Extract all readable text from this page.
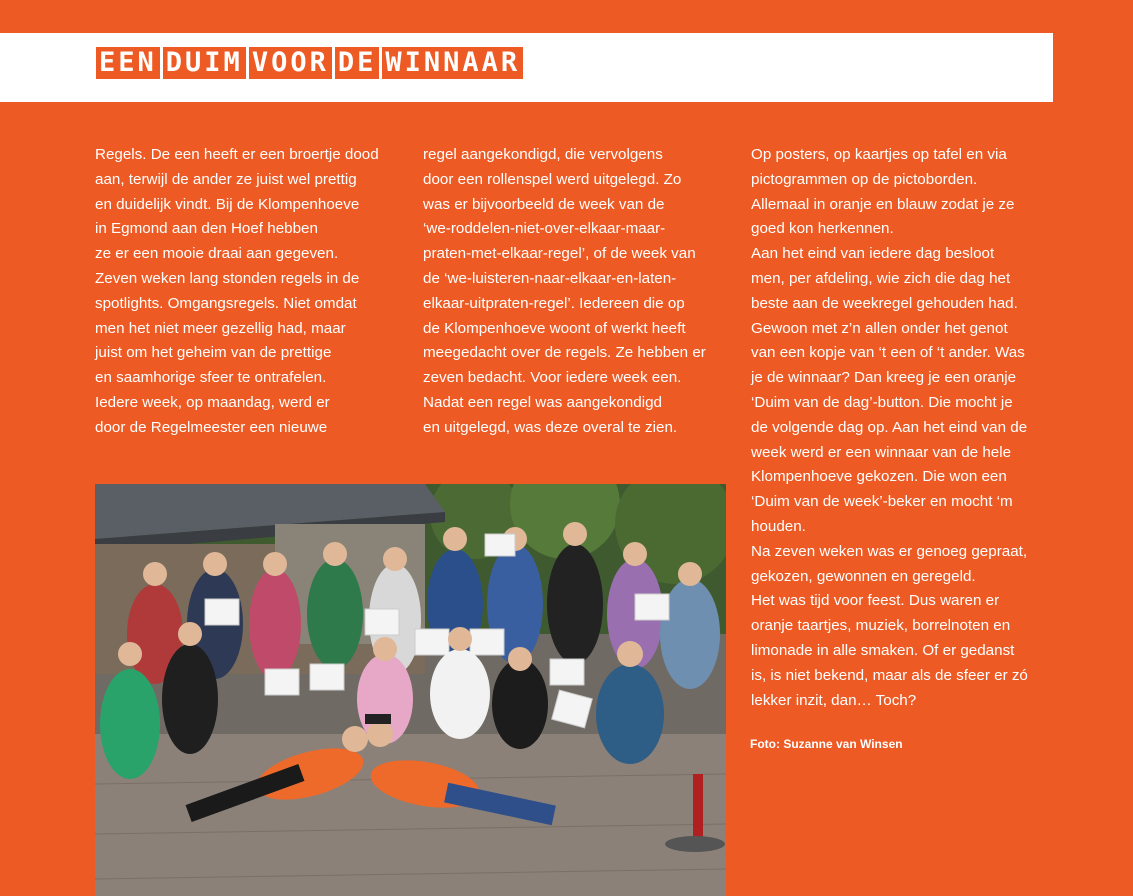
EEN DUIM VOOR DE WINNAAR
Regels. De een heeft er een broertje dood
aan, terwijl de ander ze juist wel prettig
en duidelijk vindt. Bij de Klompenhoeve
in Egmond aan den Hoef hebben
ze er een mooie draai aan gegeven.
Zeven weken lang stonden regels in de
spotlights. Omgangsregels. Niet omdat
men het niet meer gezellig had, maar
juist om het geheim van de prettige
en saamhorige sfeer te ontrafelen.
Iedere week, op maandag, werd er
door de Regelmeester een nieuwe
regel aangekondigd, die vervolgens
door een rollenspel werd uitgelegd. Zo
was er bijvoorbeeld de week van de
‘we-roddelen-niet-over-elkaar-maar-
praten-met-elkaar-regel’, of de week van
de ‘we-luisteren-naar-elkaar-en-laten-
elkaar-uitpraten-regel’. Iedereen die op
de Klompenhoeve woont of werkt heeft
meegedacht over de regels. Ze hebben er
zeven bedacht. Voor iedere week een.
Nadat een regel was aangekondigd
en uitgelegd, was deze overal te zien.
Op posters, op kaartjes op tafel en via
pictogrammen op de pictoborden.
Allemaal in oranje en blauw zodat je ze
goed kon herkennen.
Aan het eind van iedere dag besloot
men, per afdeling, wie zich die dag het
beste aan de weekregel gehouden had.
Gewoon met z’n allen onder het genot
van een kopje van ‘t een of ‘t ander. Was
je de winnaar? Dan kreeg je een oranje
‘Duim van de dag’-button. Die mocht je
de volgende dag op. Aan het eind van de
week werd er een winnaar van de hele
Klompenhoeve gekozen. Die won een
‘Duim van de week’-beker en mocht ‘m
houden.
Na zeven weken was er genoeg gepraat,
gekozen, gewonnen en geregeld.
Het was tijd voor feest. Dus waren er
oranje taartjes, muziek, borrelnoten en
limonade in alle smaken. Of er gedanst
is, is niet bekend, maar als de sfeer er zó
lekker inzit, dan… Toch?
Foto: Suzanne van Winsen
